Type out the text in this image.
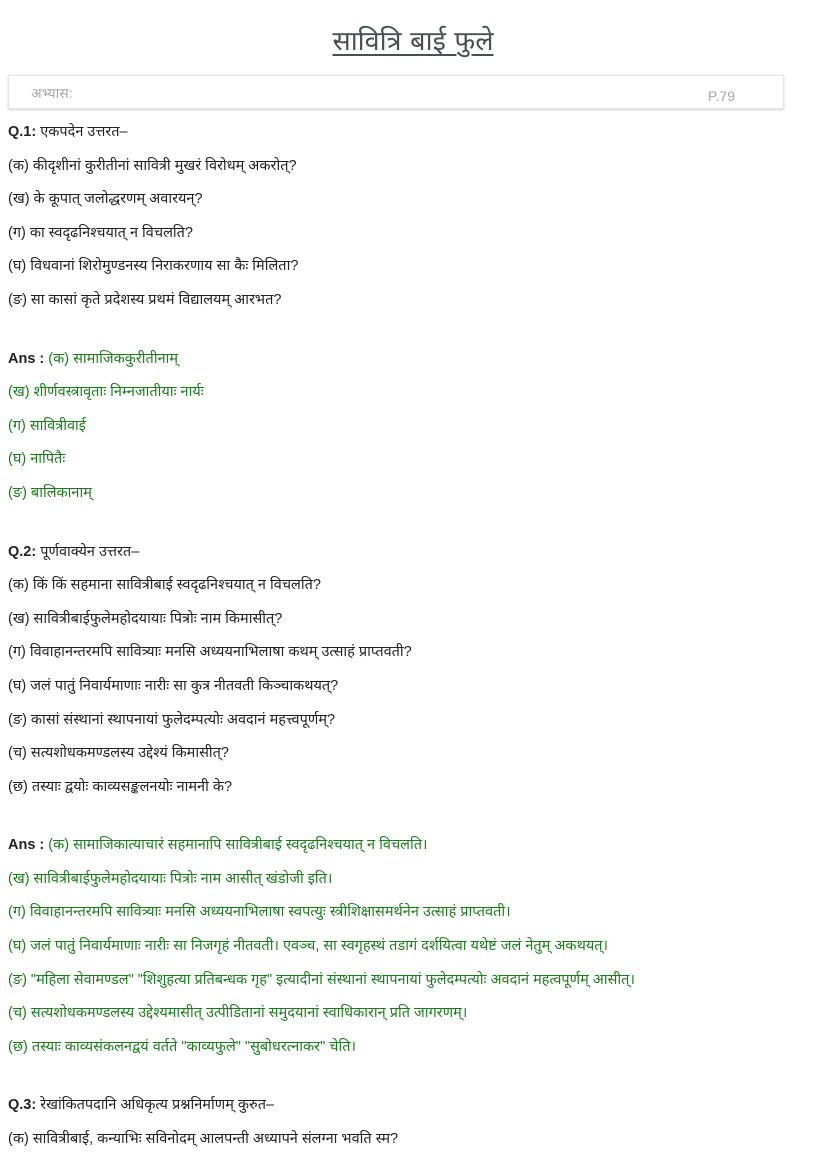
सावित्रि बाई फुले
अभ्यास:	P.79
Q.1: एकपदेन उत्तरत–
(क) कीदृशीनां कुरीतीनां सावित्री मुखरं विरोधम् अकरोत्?
(ख) के कूपात् जलोद्धरणम् अवारयन्?
(ग) का स्वदृढनिश्चयात् न विचलति?
(घ) विधवानां शिरोमुण्डनस्य निराकरणाय सा कैः मिलिता?
(ङ) सा कासां कृते प्रदेशस्य प्रथमं विद्यालयम् आरभत?
Ans : (क) सामाजिककुरीतीनाम्
(ख) शीर्णवस्त्रावृताः निम्नजातीयाः नार्यः
(ग) सावित्रीवाई
(घ) नापितैः
(ङ) बालिकानाम्
Q.2: पूर्णवाक्येन उत्तरत–
(क) किं किं सहमाना सावित्रीबाई स्वदृढनिश्चयात् न विचलति?
(ख) सावित्रीबाईफुलेमहोदयायाः पित्रोः नाम किमासीत्?
(ग) विवाहानन्तरमपि सावित्र्याः मनसि अध्ययनाभिलाषा कथम् उत्साहं प्राप्तवती?
(घ) जलं पातुं निवार्यमाणाः नारीः सा कुत्र नीतवती किञ्चाकथयत्?
(ङ) कासां संस्थानां स्थापनायां फुलेदम्पत्योः अवदानं महत्त्वपूर्णम्?
(च) सत्यशोधकमण्डलस्य उद्देश्यं किमासीत्?
(छ) तस्याः द्वयोः काव्यसङ्कलनयोः नामनी के?
Ans : (क) सामाजिकात्याचारं सहमानापि सावित्रीबाई स्वदृढनिश्चयात् न विचलति।
(ख) सावित्रीबाईफुलेमहोदयायाः पित्रोः नाम आसीत् खंडोजी इति।
(ग) विवाहानन्तरमपि सावित्र्याः मनसि अध्ययनाभिलाषा स्वपत्युः स्त्रीशिक्षासमर्थनेन उत्साहं प्राप्तवती।
(घ) जलं पातुं निवार्यमाणाः नारीः सा निजगृहं नीतवती। एवञ्च, सा स्वगृहस्थं तडागं दर्शयित्वा यथेष्टं जलं नेतुम् अकथयत्।
(ङ) "महिला सेवामण्डल" "शिशुहत्या प्रतिबन्धक गृह" इत्यादीनां संस्थानां स्थापनायां फुलेदम्पत्योः अवदानं महत्वपूर्णम् आसीत्।
(च) सत्यशोधकमण्डलस्य उद्देश्यमासीत् उत्पीडितानां समुदयानां स्वाधिकारान् प्रति जागरणम्।
(छ) तस्याः काव्यसंकलनद्वयं वर्तते "काव्यफुले" "सुबोधरत्नाकर" चेति।
Q.3: रेखांकितपदानि अधिकृत्य प्रश्ननिर्माणम् कुरुत–
(क) सावित्रीबाई, कन्याभिः सविनोदम् आलपन्ती अध्यापने संलग्ना भवति स्म?
